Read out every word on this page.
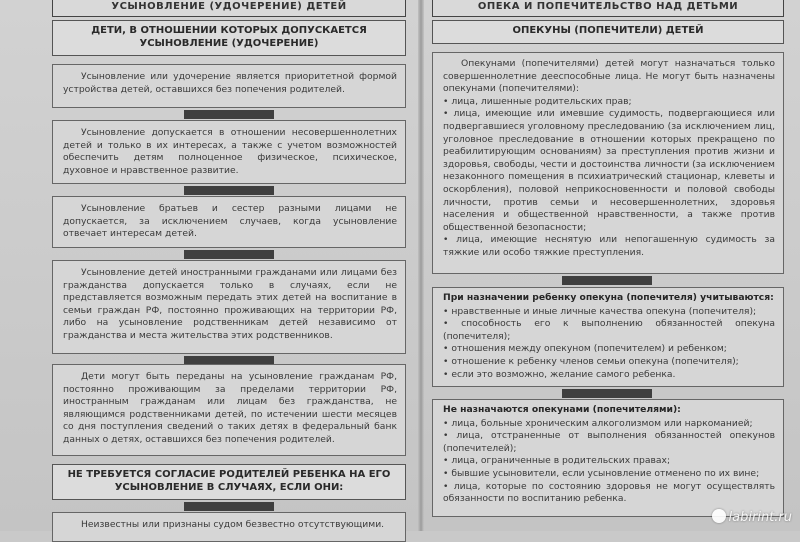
УСЫНОВЛЕНИЕ (УДОЧЕРЕНИЕ) ДЕТЕЙ
ДЕТИ, В ОТНОШЕНИИ КОТОРЫХ ДОПУСКАЕТСЯ УСЫНОВЛЕНИЕ (УДОЧЕРЕНИЕ)

Усыновление или удочерение является приоритетной формой устройства детей, оставшихся без попечения родителей.

Усыновление допускается в отношении несовершеннолетних детей и только в их интересах, а также с учетом возможностей обеспечить детям полноценное физическое, психическое, духовное и нравственное развитие.

Усыновление братьев и сестер разными лицами не допускается, за исключением случаев, когда усыновление отвечает интересам детей.

Усыновление детей иностранными гражданами или лицами без гражданства допускается только в случаях, если не представляется возможным передать этих детей на воспитание в семьи граждан РФ, постоянно проживающих на территории РФ, либо на усыновление родственникам детей независимо от гражданства и места жительства этих родственников.

Дети могут быть переданы на усыновление гражданам РФ, постоянно проживающим за пределами территории РФ, иностранным гражданам или лицам без гражданства, не являющимся родственниками детей, по истечении шести месяцев со дня поступления сведений о таких детях в федеральный банк данных о детях, оставшихся без попечения родителей.

НЕ ТРЕБУЕТСЯ СОГЛАСИЕ РОДИТЕЛЕЙ РЕБЕНКА НА ЕГО УСЫНОВЛЕНИЕ В СЛУЧАЯХ, ЕСЛИ ОНИ:

Неизвестны или признаны судом безвестно отсутствующими.

ОПЕКА И ПОПЕЧИТЕЛЬСТВО НАД ДЕТЬМИ
ОПЕКУНЫ (ПОПЕЧИТЕЛИ) ДЕТЕЙ

Опекунами (попечителями) детей могут назначаться только совершеннолетние дееспособные лица. Не могут быть назначены опекунами (попечителями):

• лица, лишенные родительских прав;
• лица, имеющие или имевшие судимость, подвергающиеся или подвергавшиеся уголовному преследованию (за исключением лиц, уголовное преследование в отношении которых прекращено по реабилитирующим основаниям) за преступления против жизни и здоровья, свободы, чести и достоинства личности (за исключением незаконного помещения в психиатрический стационар, клеветы и оскорбления), половой неприкосновенности и половой свободы личности, против семьи и несовершеннолетних, здоровья населения и общественной нравственности, а также против общественной безопасности;
• лица, имеющие неснятую или непогашенную судимость за тяжкие или особо тяжкие преступления.
При назначении ребенку опекуна (попечителя) учитываются:
• нравственные и иные личные качества опекуна (попечителя);
• способность его к выполнению обязанностей опекуна (попечителя);
• отношения между опекуном (попечителем) и ребенком;
• отношение к ребенку членов семьи опекуна (попечителя);
• если это возможно, желание самого ребенка.
Не назначаются опекунами (попечителями):
• лица, больные хроническим алкоголизмом или наркоманией;
• лица, отстраненные от выполнения обязанностей опекунов (попечителей);
• лица, ограниченные в родительских правах;
• бывшие усыновители, если усыновление отменено по их вине;
• лица, которые по состоянию здоровья не могут осуществлять обязанности по воспитанию ребенка.
labirint.ru
